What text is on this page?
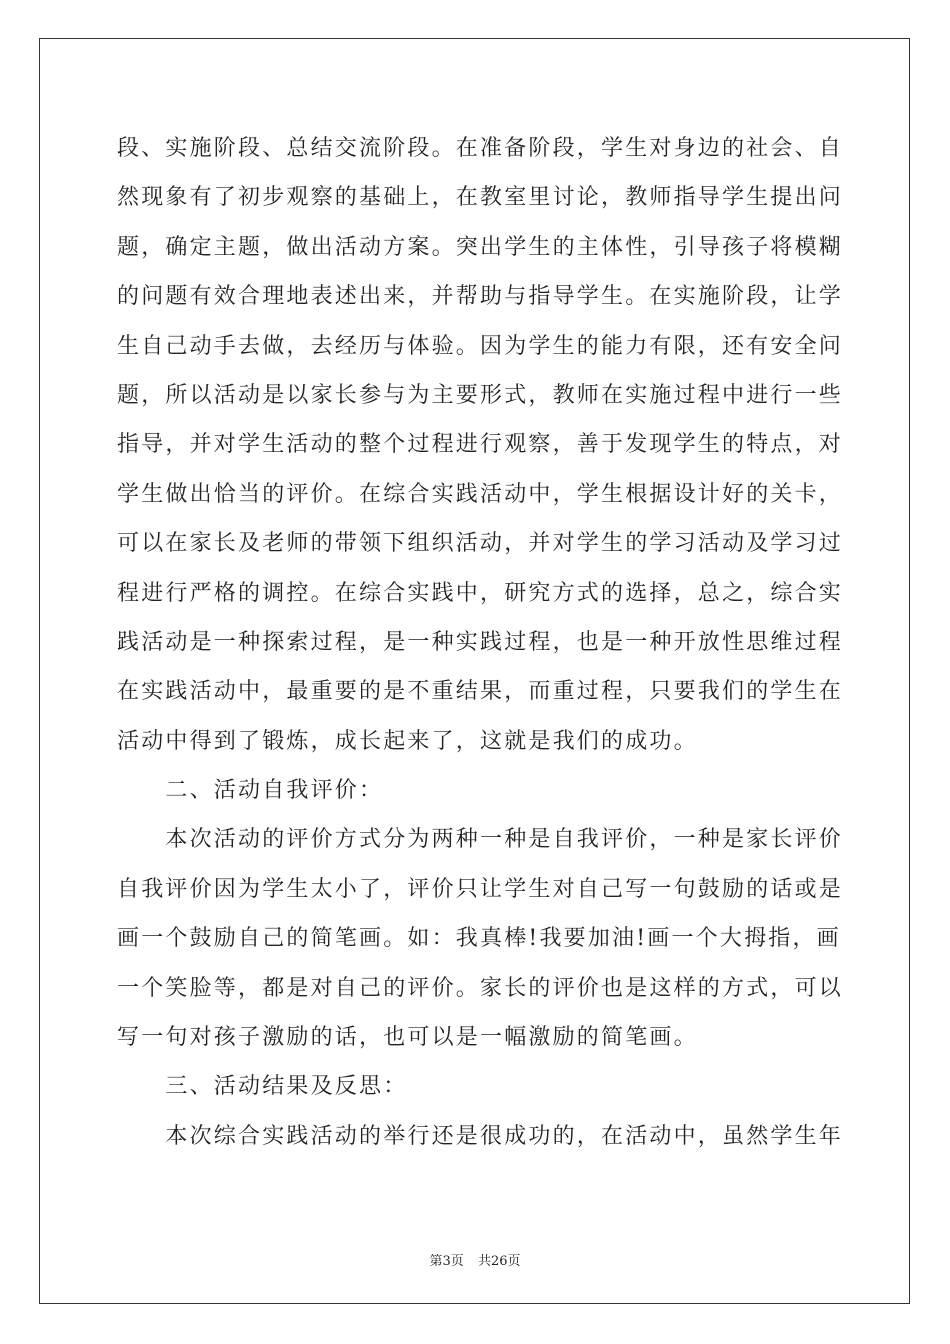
段、实施阶段、总结交流阶段。在准备阶段，学生对身边的社会、自
然现象有了初步观察的基础上，在教室里讨论，教师指导学生提出问
题，确定主题，做出活动方案。突出学生的主体性，引导孩子将模糊
的问题有效合理地表述出来，并帮助与指导学生。在实施阶段，让学
生自己动手去做，去经历与体验。因为学生的能力有限，还有安全问
题，所以活动是以家长参与为主要形式，教师在实施过程中进行一些
指导，并对学生活动的整个过程进行观察，善于发现学生的特点，对
学生做出恰当的评价。在综合实践活动中，学生根据设计好的关卡，
可以在家长及老师的带领下组织活动，并对学生的学习活动及学习过
程进行严格的调控。在综合实践中，研究方式的选择，总之，综合实
践活动是一种探索过程，是一种实践过程，也是一种开放性思维过程
在实践活动中，最重要的是不重结果，而重过程，只要我们的学生在
活动中得到了锻炼，成长起来了，这就是我们的成功。
　　二、活动自我评价：
　　本次活动的评价方式分为两种一种是自我评价，一种是家长评价
自我评价因为学生太小了，评价只让学生对自己写一句鼓励的话或是
画一个鼓励自己的简笔画。如：我真棒!我要加油!画一个大拇指，画
一个笑脸等，都是对自己的评价。家长的评价也是这样的方式，可以
写一句对孩子激励的话，也可以是一幅激励的简笔画。
　　三、活动结果及反思：
　　本次综合实践活动的举行还是很成功的，在活动中，虽然学生年
第3页 共26页
